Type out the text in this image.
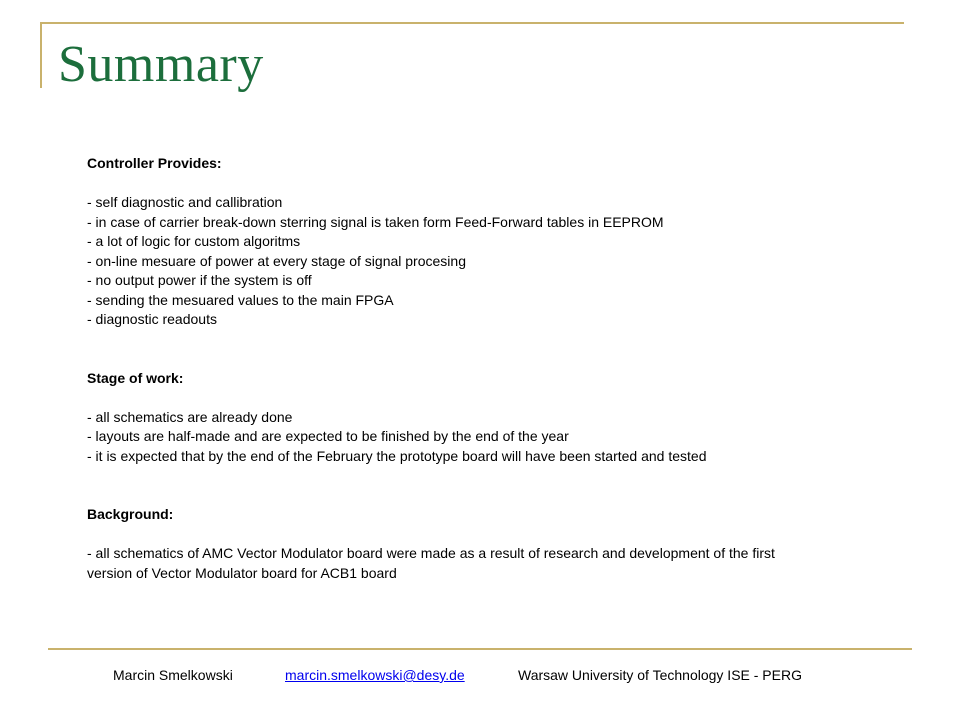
Summary

Controller Provides:

- self diagnostic and callibration

- in case of carrier break-down sterring signal is taken form Feed-Forward tables in EEPROM

- a lot of logic for custom algoritms

- on-line mesuare of power at every stage of signal procesing

- no output power if the system is off

- sending the mesuared values to the main FPGA

- diagnostic readouts

Stage of work:

- all schematics are already done

- layouts are half-made and are expected to be finished by the end of the year

- it is expected that by the end of the February the prototype board will have been started and tested

Background:

- all schematics of AMC Vector Modulator board were made as a result of research and development of the first

version of Vector Modulator board for ACB1 board

Marcin Smelkowski	marcin.smelkowski@desy.de	Warsaw University of Technology ISE - PERG
